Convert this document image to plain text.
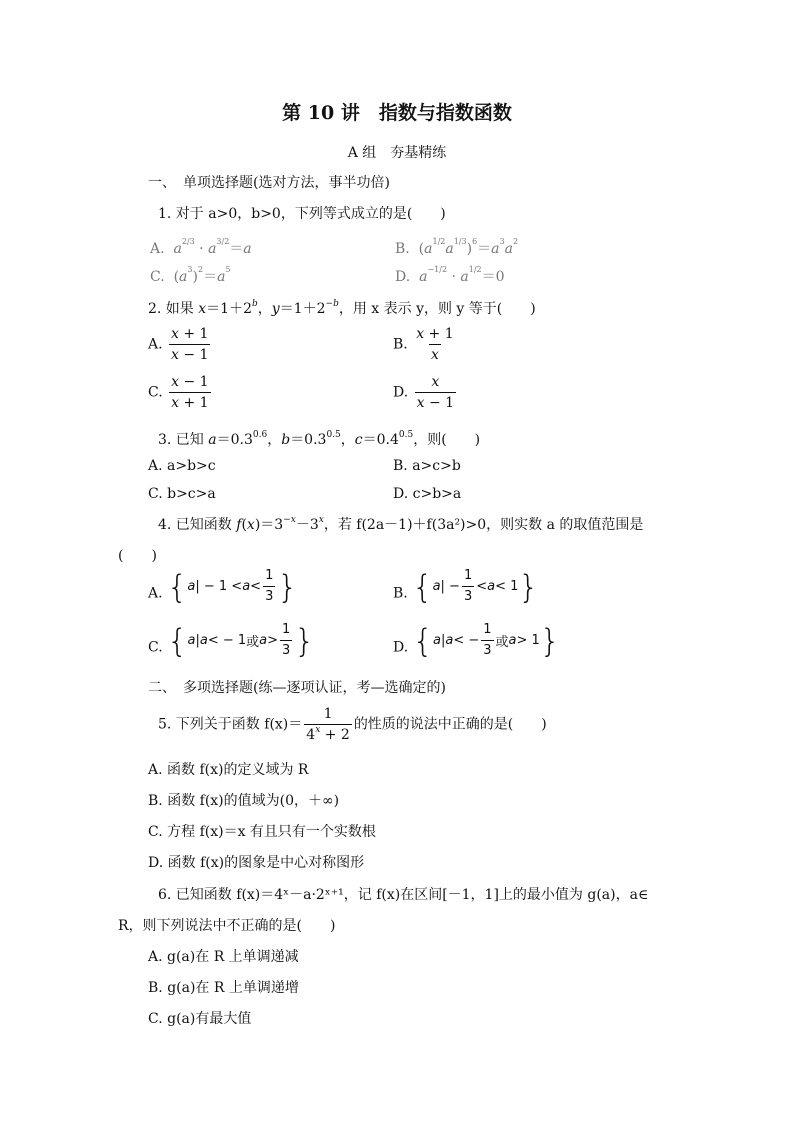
第 10 讲　指数与指数函数
A 组　夯基精练
一、　单项选择题(选对方法，事半功倍)
1. 对于 a>0，b>0，下列等式成立的是(　　)
A. $a^{2/3} \cdot a^{3/2}=a$	B.  $(a^{1/2}a^{1/3})^6=a^3a^2$
C.  $(a^3)^2=a^5$	D. $a^{-1/2} \cdot a^{1/2}=0$
2. 如果 $x=1+2^b$，$y=1+2^{-b}$，用 x 表示 y，则 y 等于(　　)
A. $\frac{x + 1}{x - 1}$	B. $\frac{x + 1}{x}$
C. $\frac{x - 1}{x + 1}$	D. $\frac{x}{x - 1}$
3. 已知 $a=0.3^{0.6}$，$b=0.3^{0.5}$，$c=0.4^{0.5}$，则(　　)
A. a>b>c	B. a>c>b
C. b>c>a	D. c>b>a
4. 已知函数 $f(x)=3^{-x}-3^x$，若 f(2a－1)＋f(3a²)>0，则实数 a 的取值范围是
(　　)
A. { a | − $1 < a < \frac{1}{3}$ }	B. { a | − $\frac{1}{3} < a < 1$ }
C. { a | a < − 1 或 $a > \frac{1}{3}$ }	D. { a | a < − $\frac{1}{3}$ 或 a > 1 }
二、　多项选择题(练—逐项认证，考—选确定的)
5. 下列关于函数 $f(x)= \frac{1}{4^x + 2}$ 的性质的说法中正确的是(　　)
A. 函数 f(x)的定义域为 R
B. 函数 f(x)的值域为(0，＋∞)
C. 方程 f(x)＝x 有且只有一个实数根
D. 函数 f(x)的图象是中心对称图形
6. 已知函数 f(x)＝4ˣ－a·2ˣ⁺¹，记 f(x)在区间[－1，1]上的最小值为 g(a)，a∈
R，则下列说法中不正确的是(　　)
A. g(a)在 R 上单调递减
B. g(a)在 R 上单调递增
C. g(a)有最大值
